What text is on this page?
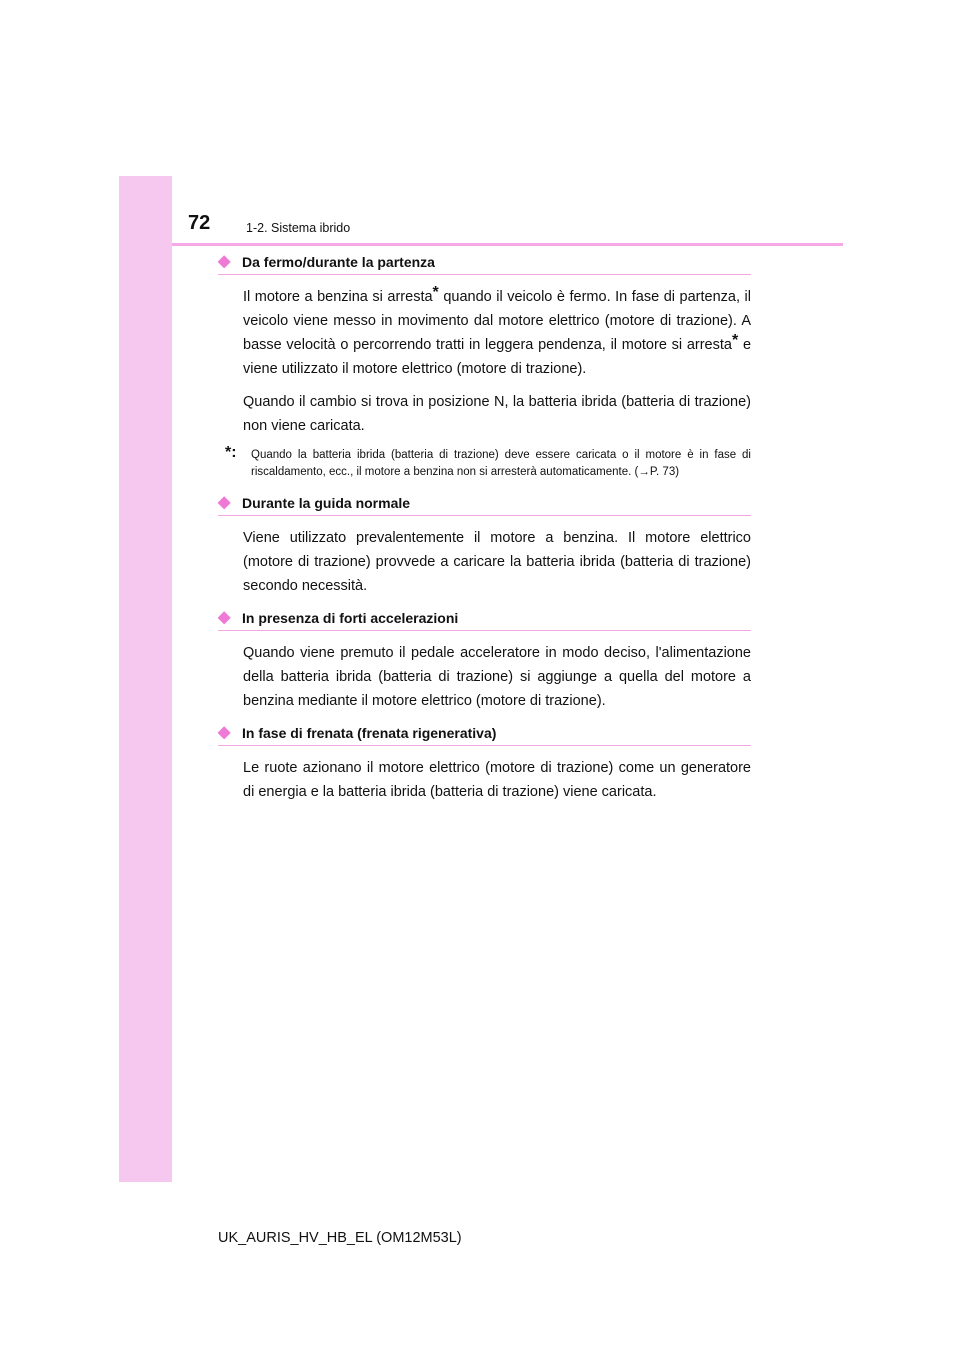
72	1-2. Sistema ibrido
◆ Da fermo/durante la partenza

Il motore a benzina si arresta* quando il veicolo è fermo. In fase di partenza, il veicolo viene messo in movimento dal motore elettrico (motore di trazione). A basse velocità o percorrendo tratti in leggera pendenza, il motore si arresta* e viene utilizzato il motore elettrico (motore di trazione).

Quando il cambio si trova in posizione N, la batteria ibrida (batteria di trazione) non viene caricata.

*: Quando la batteria ibrida (batteria di trazione) deve essere caricata o il motore è in fase di riscaldamento, ecc., il motore a benzina non si arresterà automaticamente. (→P. 73)
◆ Durante la guida normale

Viene utilizzato prevalentemente il motore a benzina. Il motore elettrico (motore di trazione) provvede a caricare la batteria ibrida (batteria di trazione) secondo necessità.

◆ In presenza di forti accelerazioni

Quando viene premuto il pedale acceleratore in modo deciso, l'alimentazione della batteria ibrida (batteria di trazione) si aggiunge a quella del motore a benzina mediante il motore elettrico (motore di trazione).

◆ In fase di frenata (frenata rigenerativa)

Le ruote azionano il motore elettrico (motore di trazione) come un generatore di energia e la batteria ibrida (batteria di trazione) viene caricata.

UK_AURIS_HV_HB_EL (OM12M53L)
